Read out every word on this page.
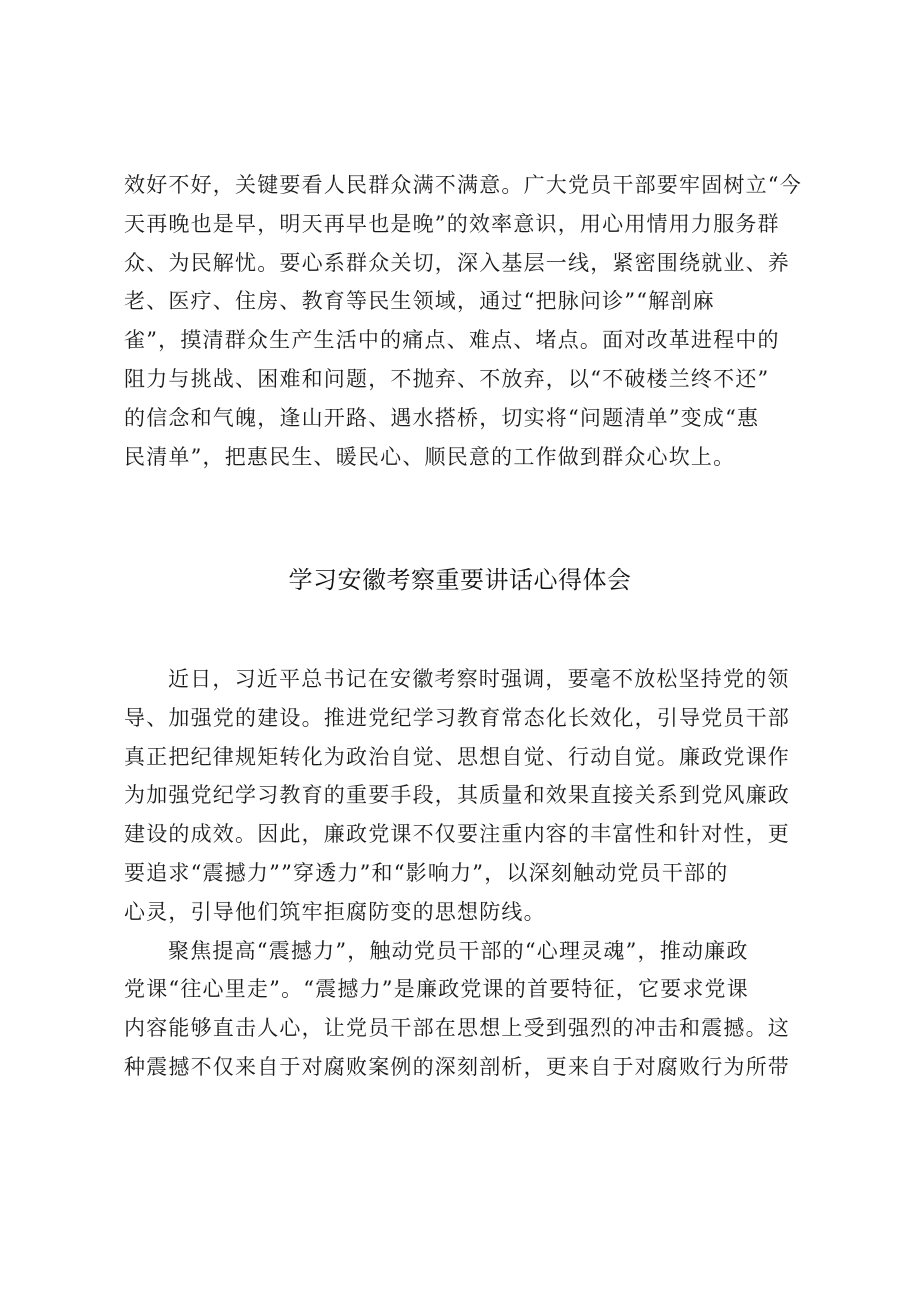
效好不好，关键要看人民群众满不满意。广大党员干部要牢固树立“今
天再晚也是早，明天再早也是晚”的效率意识，用心用情用力服务群
众、为民解忧。要心系群众关切，深入基层一线，紧密围绕就业、养
老、医疗、住房、教育等民生领域，通过“把脉问诊”“解剖麻
雀”，摸清群众生产生活中的痛点、难点、堵点。面对改革进程中的
阻力与挑战、困难和问题，不抛弃、不放弃，以“不破楼兰终不还”
的信念和气魄，逢山开路、遇水搭桥，切实将“问题清单”变成“惠
民清单”，把惠民生、暖民心、顺民意的工作做到群众心坎上。
学习安徽考察重要讲话心得体会
近日，习近平总书记在安徽考察时强调，要毫不放松坚持党的领
导、加强党的建设。推进党纪学习教育常态化长效化，引导党员干部
真正把纪律规矩转化为政治自觉、思想自觉、行动自觉。廉政党课作
为加强党纪学习教育的重要手段，其质量和效果直接关系到党风廉政
建设的成效。因此，廉政党课不仅要注重内容的丰富性和针对性，更
要追求“震撼力””穿透力”和“影响力”，以深刻触动党员干部的
心灵，引导他们筑牢拒腐防变的思想防线。
聚焦提高“震撼力”，触动党员干部的“心理灵魂”，推动廉政
党课“往心里走”。“震撼力”是廉政党课的首要特征，它要求党课
内容能够直击人心，让党员干部在思想上受到强烈的冲击和震撼。这
种震撼不仅来自于对腐败案例的深刻剖析，更来自于对腐败行为所带
